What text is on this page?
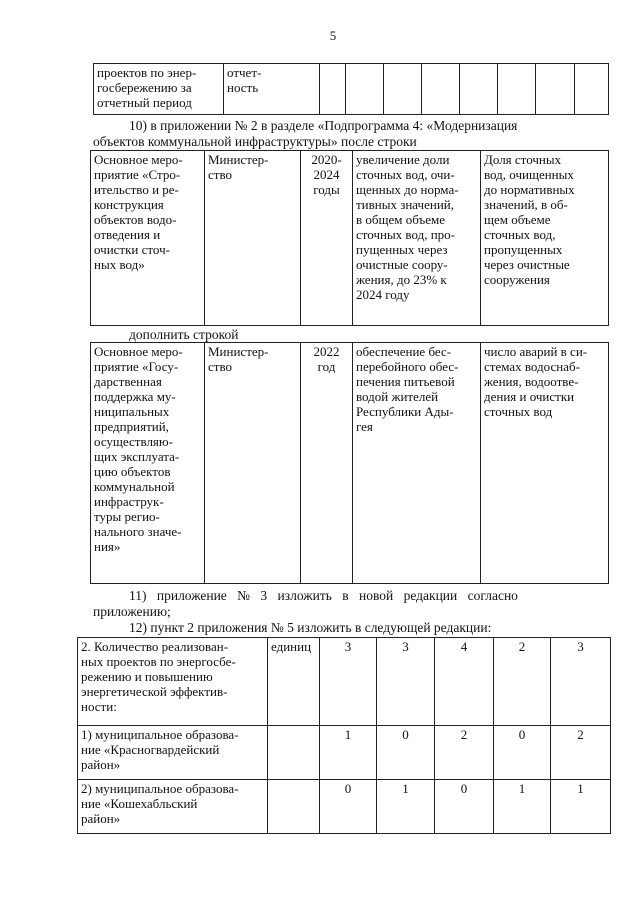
5
проектов по энер-
госбережению за
отчетный период	отчет-
ность								
10) в приложении № 2 в разделе «Подпрограмма 4: «Модернизация
объектов коммунальной инфраструктуры» после строки
Основное меро-
приятие «Стро-
ительство и ре-
конструкция
объектов водо-
отведения и
очистки сточ-
ных вод»	Министер-
ство	2020-
2024
годы	увеличение доли
сточных вод, очи-
щенных до норма-
тивных значений,
в общем объеме
сточных вод, про-
пущенных через
очистные соору-
жения, до 23% к
2024 году	Доля сточных
вод, очищенных
до нормативных
значений, в об-
щем объеме
сточных вод,
пропущенных
через очистные
сооружения
дополнить строкой
Основное меро-
приятие «Госу-
дарственная
поддержка му-
ниципальных
предприятий,
осуществляю-
щих эксплуата-
цию объектов
коммунальной
инфраструк-
туры регио-
нального значе-
ния»	Министер-
ство	2022
год	обеспечение бес-
перебойного обес-
печения питьевой
водой жителей
Республики Ады-
гея	число аварий в си-
стемах водоснаб-
жения, водоотве-
дения и очистки
сточных вод
11) приложение № 3 изложить в новой редакции согласно
приложению;
12) пункт 2 приложения № 5 изложить в следующей редакции:
2. Количество реализован-
ных проектов по энергосбе-
режению и повышению
энергетической эффектив-
ности:	единиц	3	3	4	2	3
1) муниципальное образова-
ние «Красногвардейский
район»		1	0	2	0	2
2) муниципальное образова-
ние «Кошехабльский
район»		0	1	0	1	1
